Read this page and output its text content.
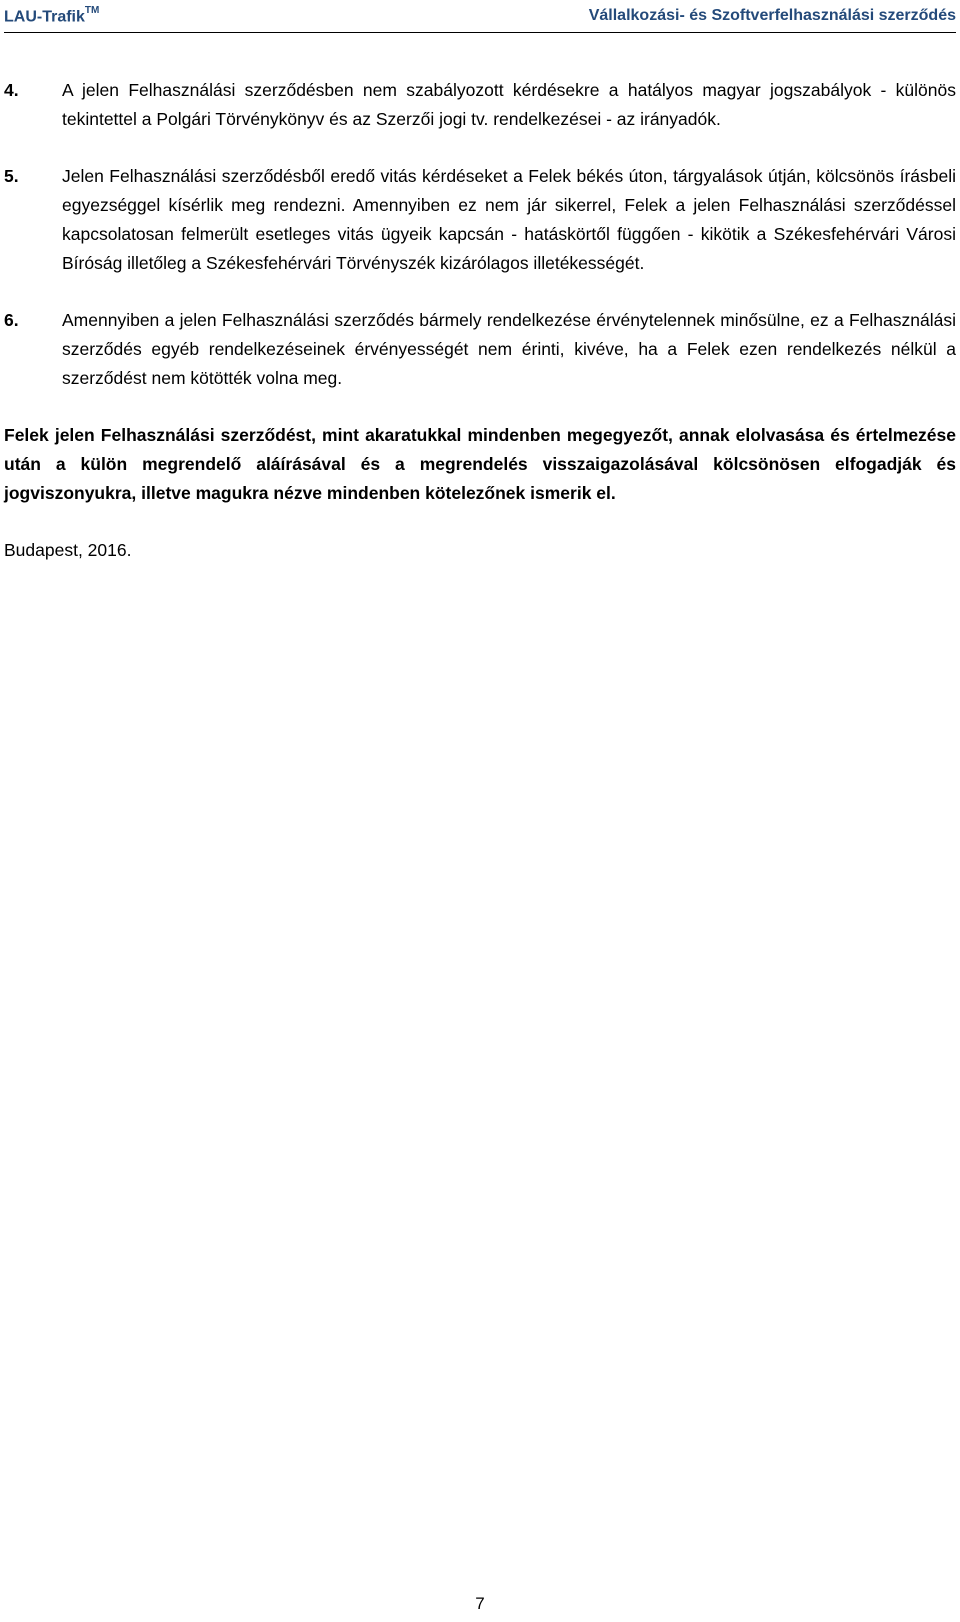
LAU-Trafik™	Vállalkozási- és Szoftverfelhasználási szerződés
4.	A jelen Felhasználási szerződésben nem szabályozott kérdésekre a hatályos magyar jogszabályok - különös tekintettel a Polgári Törvénykönyv és az Szerzői jogi tv. rendelkezései - az irányadók.
5.	Jelen Felhasználási szerződésből eredő vitás kérdéseket a Felek békés úton, tárgyalások útján, kölcsönös írásbeli egyezséggel kísérlik meg rendezni. Amennyiben ez nem jár sikerrel, Felek a jelen Felhasználási szerződéssel kapcsolatosan felmerült esetleges vitás ügyeik kapcsán - hatáskörtől függően - kikötik a Székesfehérvári Városi Bíróság illetőleg a Székesfehérvári Törvényszék kizárólagos illetékességét.
6.	Amennyiben a jelen Felhasználási szerződés bármely rendelkezése érvénytelennek minősülne, ez a Felhasználási szerződés egyéb rendelkezéseinek érvényességét nem érinti, kivéve, ha a Felek ezen rendelkezés nélkül a szerződést nem kötötték volna meg.
Felek jelen Felhasználási szerződést, mint akaratukkal mindenben megegyezőt, annak elolvasása és értelmezése után a külön megrendelő aláírásával és a megrendelés visszaigazolásával kölcsönösen elfogadják és jogviszonyukra, illetve magukra nézve mindenben kötelezőnek ismerik el.
Budapest, 2016.
7
